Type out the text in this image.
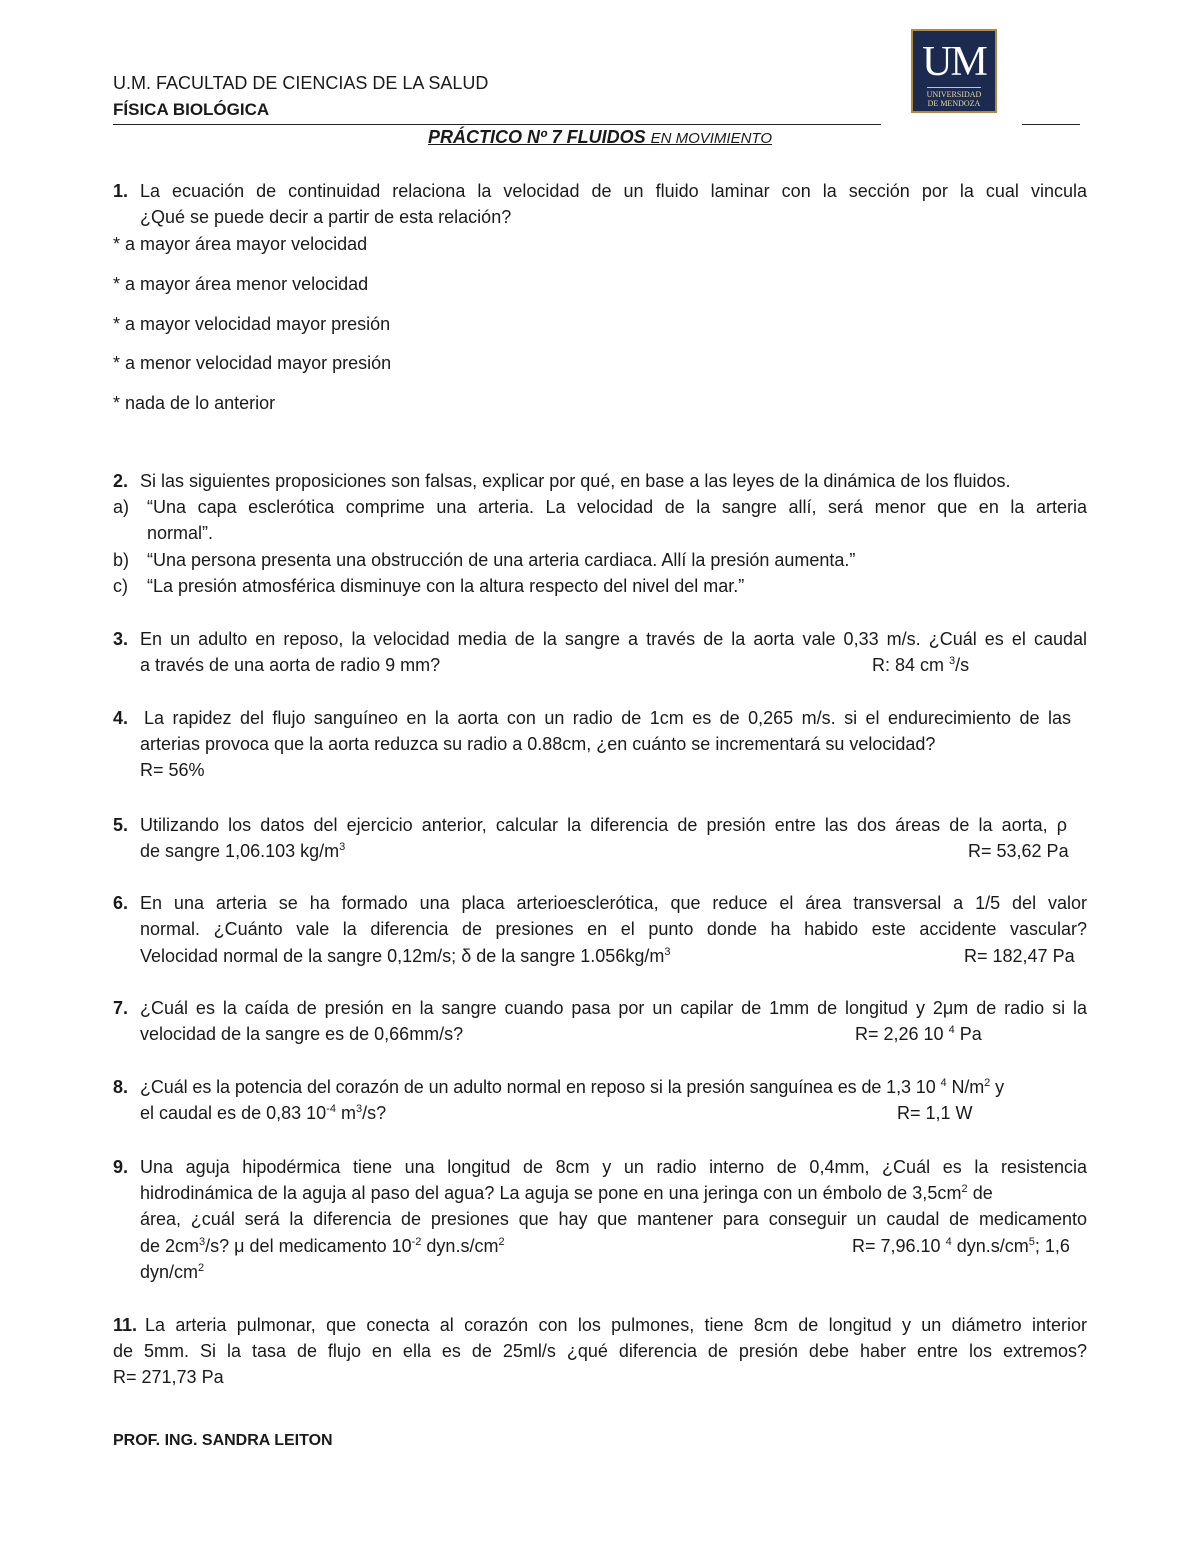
U.M. FACULTAD DE CIENCIAS DE LA SALUD
FÍSICA BIOLÓGICA
UM
UNIVERSIDAD
DE MENDOZA
PRÁCTICO Nº 7 FLUIDOS EN MOVIMIENTO
1. La ecuación de continuidad relaciona la velocidad de un fluido laminar con la sección por la cual vincula
¿Qué se puede decir a partir de esta relación?
* a mayor área mayor velocidad
* a mayor área menor velocidad
* a mayor velocidad mayor presión
* a menor velocidad mayor presión
* nada de lo anterior
2. Si las siguientes proposiciones son falsas, explicar por qué, en base a las leyes de la dinámica de los fluidos.
a) “Una capa esclerótica comprime una arteria. La velocidad de la sangre allí, será menor que en la arteria
normal”.
b) “Una persona presenta una obstrucción de una arteria cardiaca. Allí la presión aumenta.”
c) “La presión atmosférica disminuye con la altura respecto del nivel del mar.”
3. En un adulto en reposo, la velocidad media de la sangre a través de la aorta vale 0,33 m/s. ¿Cuál es el caudal
a través de una aorta de radio 9 mm?	R: 84 cm $^3$/s
4. La rapidez del flujo sanguíneo en la aorta con un radio de 1cm es de 0,265 m/s. si el endurecimiento de las
arterias provoca que la aorta reduzca su radio a 0.88cm, ¿en cuánto se incrementará su velocidad?
R= 56%
5. Utilizando los datos del ejercicio anterior, calcular la diferencia de presión entre las dos áreas de la aorta, ρ
de sangre 1,06.103 $kg/m^3$	R= 53,62 Pa
6. En una arteria se ha formado una placa arterioesclerótica, que reduce el área transversal a 1/5 del valor
normal. ¿Cuánto vale la diferencia de presiones en el punto donde ha habido este accidente vascular?
Velocidad normal de la sangre 0,12m/s; δ de la sangre $1.056kg/m^3$	R= 182,47 Pa
7. ¿Cuál es la caída de presión en la sangre cuando pasa por un capilar de 1mm de longitud y 2μm de radio si la
velocidad de la sangre es de 0,66mm/s?	R= 2,26 10 $^4$ Pa
8. ¿Cuál es la potencia del corazón de un adulto normal en reposo si la presión sanguínea es de 1,3 10 $^4$ $N/m^2$ y
el caudal es de 0,83 $10^{-4}$ $m^3/s$?	R= 1,1 W
9. Una aguja hipodérmica tiene una longitud de 8cm y un radio interno de 0,4mm, ¿Cuál es la resistencia
hidrodinámica de la aguja al paso del agua? La aguja se pone en una jeringa con un émbolo de $3,5cm^2$ de
área, ¿cuál será la diferencia de presiones que hay que mantener para conseguir un caudal de medicamento
de $2cm^3/s$? μ del medicamento $10^{-2}$ $dyn.s/cm^2$	R= 7,96.10 $^4$ $dyn.s/cm^5$; 1,6
dyn/$cm^2$
11. La arteria pulmonar, que conecta al corazón con los pulmones, tiene 8cm de longitud y un diámetro interior
de 5mm. Si la tasa de flujo en ella es de 25ml/s ¿qué diferencia de presión debe haber entre los extremos?
R= 271,73 Pa
PROF. ING. SANDRA LEITON
